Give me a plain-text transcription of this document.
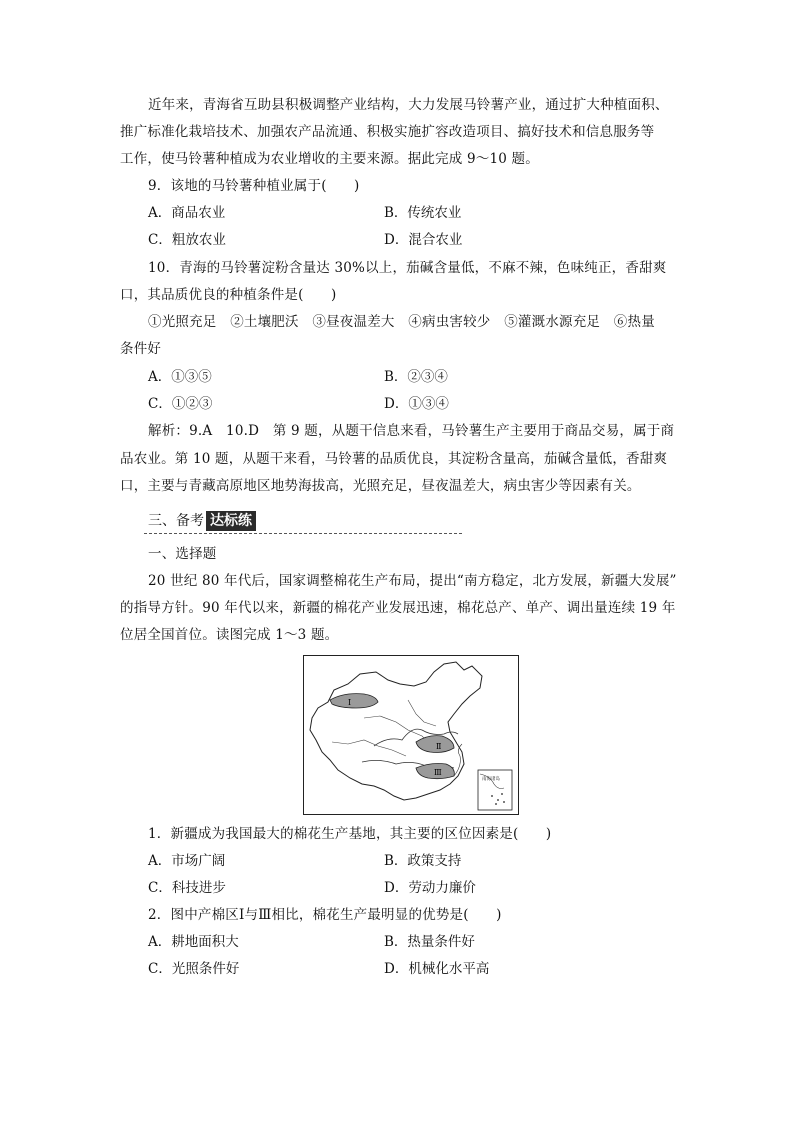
近年来，青海省互助县积极调整产业结构，大力发展马铃薯产业，通过扩大种植面积、
推广标准化栽培技术、加强农产品流通、积极实施扩容改造项目、搞好技术和信息服务等
工作，使马铃薯种植成为农业增收的主要来源。据此完成 9～10 题。
9．该地的马铃薯种植业属于(　　)
A．商品农业	B．传统农业
C．粗放农业	D．混合农业
10．青海的马铃薯淀粉含量达 30%以上，茄碱含量低，不麻不辣，色味纯正，香甜爽
口，其品质优良的种植条件是(　　)
①光照充足　②土壤肥沃　③昼夜温差大　④病虫害较少　⑤灌溉水源充足　⑥热量
条件好
A．①③⑤	B．②③④
C．①②③	D．①③④
解析：9.A　10.D　第 9 题，从题干信息来看，马铃薯生产主要用于商品交易，属于商
品农业。第 10 题，从题干来看，马铃薯的品质优良，其淀粉含量高，茄碱含量低，香甜爽
口，主要与青藏高原地区地势海拔高，光照充足，昼夜温差大，病虫害少等因素有关。
三、备考 达标练
一、选择题
20 世纪 80 年代后，国家调整棉花生产布局，提出“南方稳定，北方发展，新疆大发展”
的指导方针。90 年代以来，新疆的棉花产业发展迅速，棉花总产、单产、调出量连续 19 年
位居全国首位。读图完成 1～3 题。
Ⅰ
Ⅱ
Ⅲ
南海诸岛
1．新疆成为我国最大的棉花生产基地，其主要的区位因素是(　　)
A．市场广阔	B．政策支持
C．科技进步	D．劳动力廉价
2．图中产棉区Ⅰ与Ⅲ相比，棉花生产最明显的优势是(　　)
A．耕地面积大	B．热量条件好
C．光照条件好	D．机械化水平高
